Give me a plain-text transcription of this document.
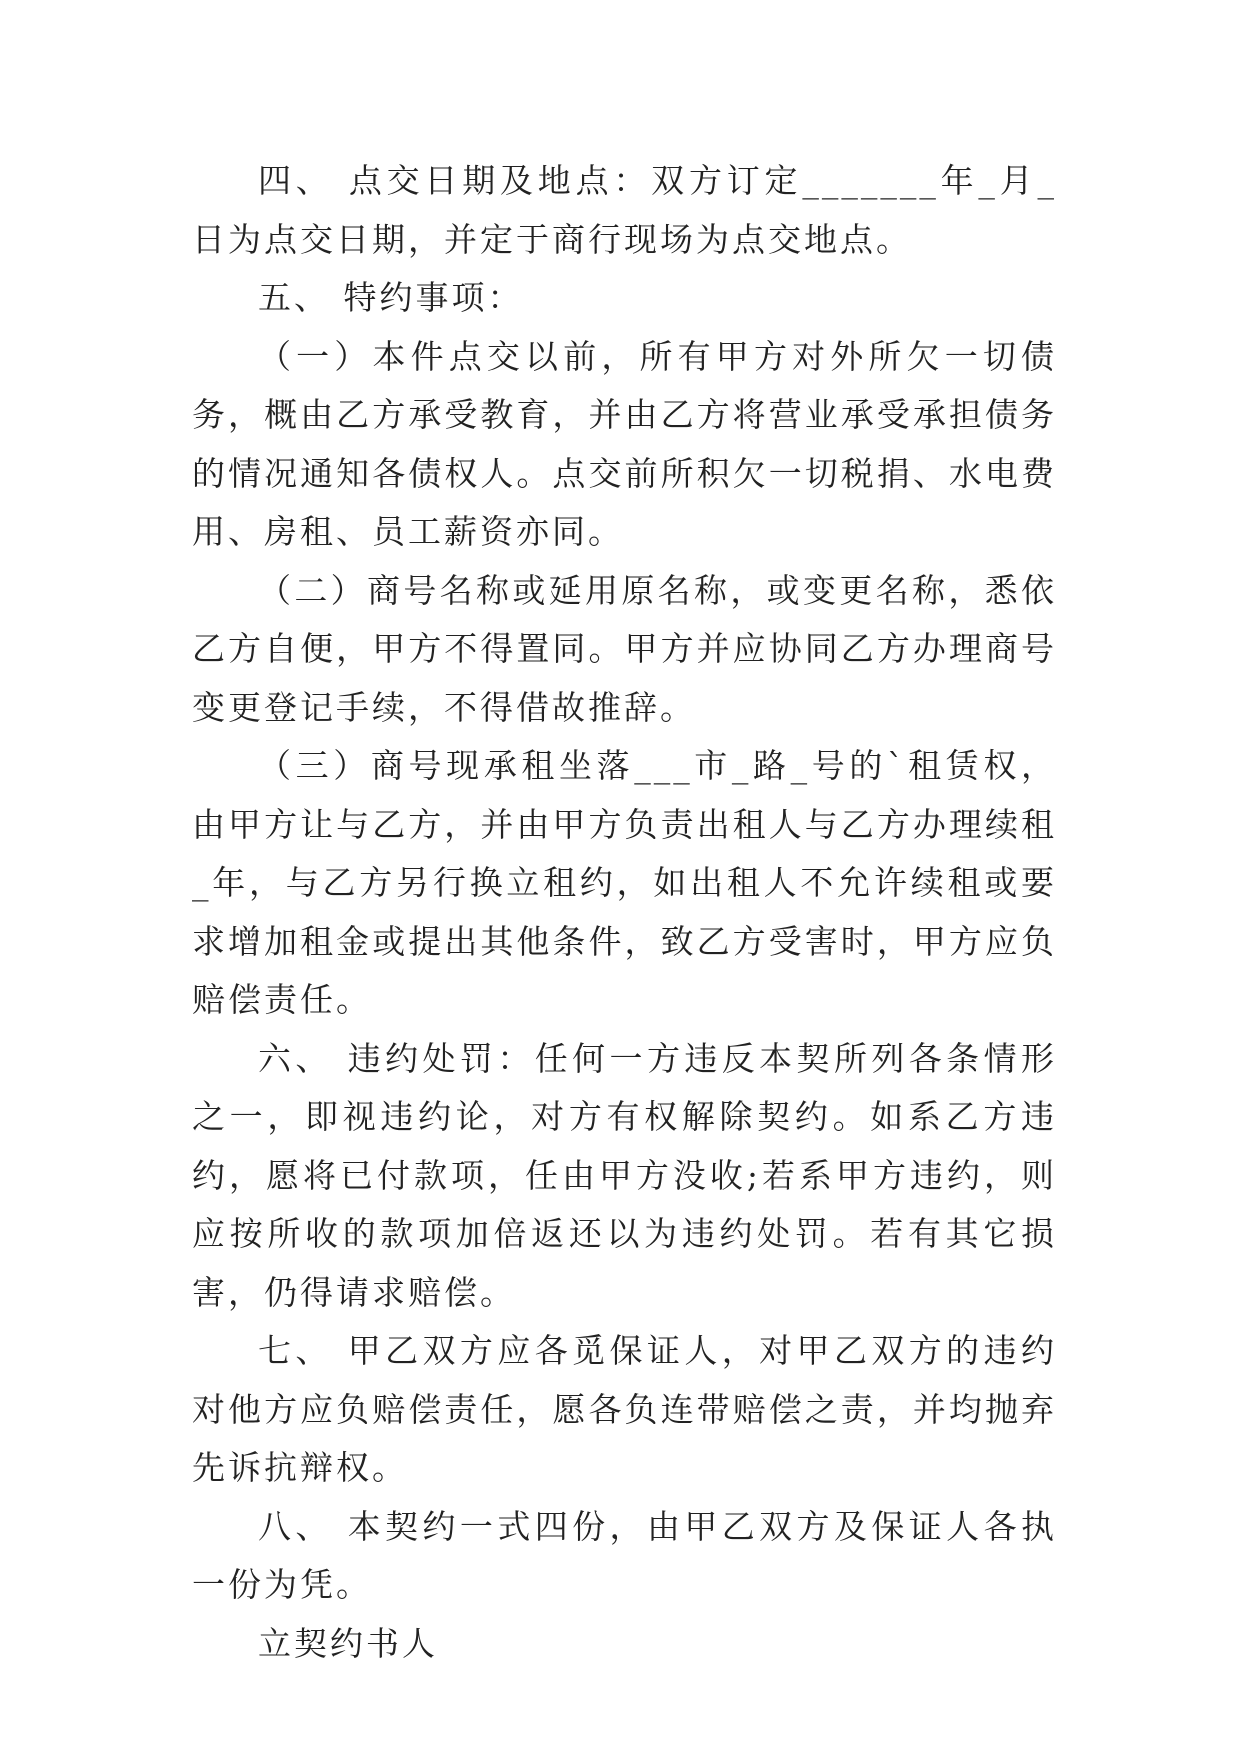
四、 点交日期及地点：双方订定_______年_月_日为点交日期，并定于商行现场为点交地点。

五、 特约事项：

（一）本件点交以前，所有甲方对外所欠一切债务，概由乙方承受教育，并由乙方将营业承受承担债务的情况通知各债权人。点交前所积欠一切税捐、水电费用、房租、员工薪资亦同。

（二）商号名称或延用原名称，或变更名称，悉依乙方自便，甲方不得置同。甲方并应协同乙方办理商号变更登记手续，不得借故推辞。

（三）商号现承租坐落___市_路_号的`租赁权，由甲方让与乙方，并由甲方负责出租人与乙方办理续租_年，与乙方另行换立租约，如出租人不允许续租或要求增加租金或提出其他条件，致乙方受害时，甲方应负赔偿责任。

六、 违约处罚：任何一方违反本契所列各条情形之一，即视违约论，对方有权解除契约。如系乙方违约，愿将已付款项，任由甲方没收;若系甲方违约，则应按所收的款项加倍返还以为违约处罚。若有其它损害，仍得请求赔偿。

七、 甲乙双方应各觅保证人，对甲乙双方的违约对他方应负赔偿责任，愿各负连带赔偿之责，并均抛弃先诉抗辩权。

八、 本契约一式四份，由甲乙双方及保证人各执一份为凭。

立契约书人
